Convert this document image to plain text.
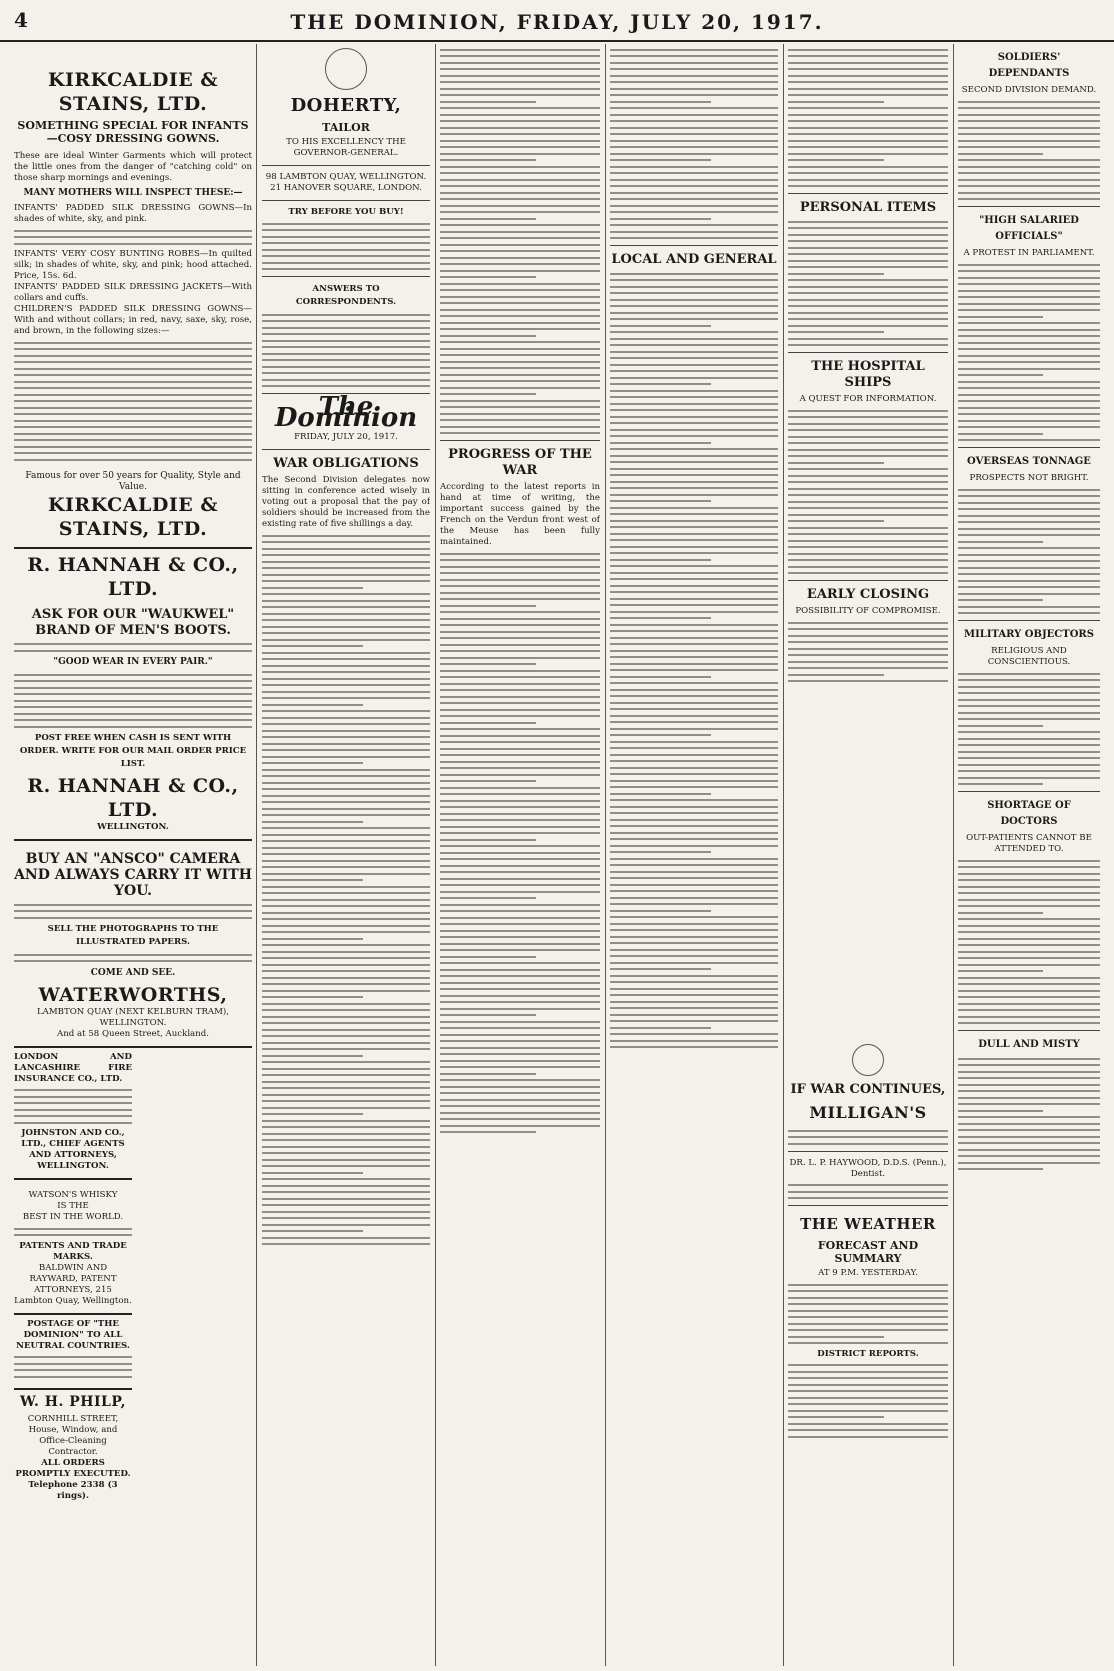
4	THE DOMINION, FRIDAY, JULY 20, 1917.
KIRKCALDIE & STAINS, LTD.
SOMETHING SPECIAL FOR INFANTS—COSY DRESSING GOWNS.
These are ideal Winter Garments which will protect the little ones from the danger of "catching cold" on those sharp mornings and evenings.
MANY MOTHERS WILL INSPECT THESE:—
INFANTS' PADDED SILK DRESSING GOWNS—In shades of white, sky, and pink.
INFANTS' VERY COSY BUNTING ROBES—In quilted silk; in shades of white, sky, and pink; hood attached. Price, 15s. 6d.
INFANTS' PADDED SILK DRESSING JACKETS—With collars and cuffs.
CHILDREN'S PADDED SILK DRESSING GOWNS—With and without collars; in red, navy, saxe, sky, rose, and brown, in the following sizes:—
Famous for over 50 years for Quality, Style and Value.
KIRKCALDIE & STAINS, LTD.
R. HANNAH & CO., LTD.
ASK FOR OUR "WAUKWEL" BRAND OF MEN'S BOOTS.
"GOOD WEAR IN EVERY PAIR."
POST FREE WHEN CASH IS SENT WITH ORDER. WRITE FOR OUR MAIL ORDER PRICE LIST.
R. HANNAH & CO., LTD.
WELLINGTON.
BUY AN "ANSCO" CAMERA AND ALWAYS CARRY IT WITH YOU.
SELL THE PHOTOGRAPHS TO THE ILLUSTRATED PAPERS.
COME AND SEE.
WATERWORTHS,
LAMBTON QUAY (NEXT KELBURN TRAM), WELLINGTON.
And at 58 Queen Street, Auckland.
LONDON AND LANCASHIRE FIRE INSURANCE CO., LTD.
JOHNSTON AND CO., LTD., CHIEF AGENTS AND ATTORNEYS, WELLINGTON.
WATSON'S WHISKY
IS THE
BEST IN THE WORLD.
PATENTS AND TRADE MARKS.
BALDWIN AND RAYWARD, PATENT ATTORNEYS, 215 Lambton Quay, Wellington.
POSTAGE OF "THE DOMINION" TO ALL NEUTRAL COUNTRIES.
W. H. PHILP,
CORNHILL STREET, House, Window, and Office-Cleaning Contractor.
ALL ORDERS PROMPTLY EXECUTED. Telephone 2338 (3 rings).
DOHERTY,
TAILOR
TO HIS EXCELLENCY THE GOVERNOR-GENERAL.
98 LAMBTON QUAY, WELLINGTON.
21 HANOVER SQUARE, LONDON.
TRY BEFORE YOU BUY!
ANSWERS TO CORRESPONDENTS.
The Dominion
FRIDAY, JULY 20, 1917.
WAR OBLIGATIONS
The Second Division delegates now sitting in conference acted wisely in voting out a proposal that the pay of soldiers should be increased from the existing rate of five shillings a day.
PROGRESS OF THE WAR
According to the latest reports in hand at time of writing, the important success gained by the French on the Verdun front west of the Meuse has been fully maintained.
LOCAL AND GENERAL
PERSONAL ITEMS
THE HOSPITAL SHIPS
A QUEST FOR INFORMATION.
EARLY CLOSING
POSSIBILITY OF COMPROMISE.
SOLDIERS' DEPENDANTS
SECOND DIVISION DEMAND.
"HIGH SALARIED OFFICIALS"
A PROTEST IN PARLIAMENT.
OVERSEAS TONNAGE
PROSPECTS NOT BRIGHT.
MILITARY OBJECTORS
RELIGIOUS AND CONSCIENTIOUS.
SHORTAGE OF DOCTORS
OUT-PATIENTS CANNOT BE ATTENDED TO.
DULL AND MISTY
IF WAR CONTINUES,
MILLIGAN'S
DR. L. P. HAYWOOD, D.D.S. (Penn.), Dentist.
THE WEATHER
FORECAST AND SUMMARY
AT 9 P.M. YESTERDAY.
DISTRICT REPORTS.
